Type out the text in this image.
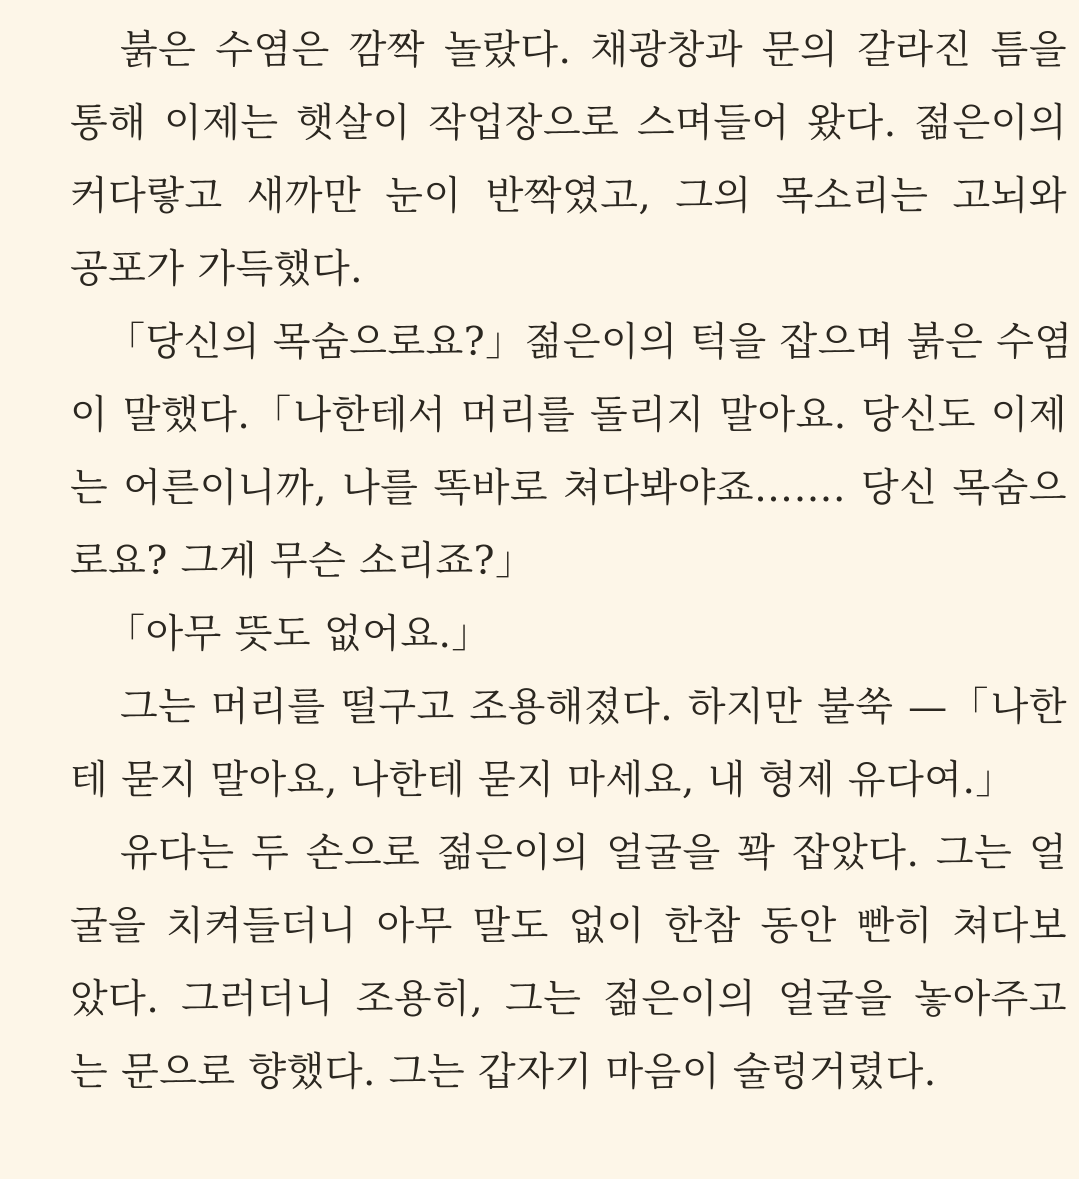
붉은 수염은 깜짝 놀랐다. 채광창과 문의 갈라진 틈을
통해 이제는 햇살이 작업장으로 스며들어 왔다. 젊은이의
커다랗고 새까만 눈이 반짝였고, 그의 목소리는 고뇌와
공포가 가득했다.
「당신의 목숨으로요?」젊은이의 턱을 잡으며 붉은 수염
이 말했다.「나한테서 머리를 돌리지 말아요. 당신도 이제
는 어른이니까, 나를 똑바로 쳐다봐야죠……. 당신 목숨으
로요? 그게 무슨 소리죠?」
「아무 뜻도 없어요.」
그는 머리를 떨구고 조용해졌다. 하지만 불쑥 —「나한
테 묻지 말아요, 나한테 묻지 마세요, 내 형제 유다여.」
유다는 두 손으로 젊은이의 얼굴을 꽉 잡았다. 그는 얼
굴을 치켜들더니 아무 말도 없이 한참 동안 빤히 쳐다보
았다. 그러더니 조용히, 그는 젊은이의 얼굴을 놓아주고
는 문으로 향했다. 그는 갑자기 마음이 술렁거렸다.
